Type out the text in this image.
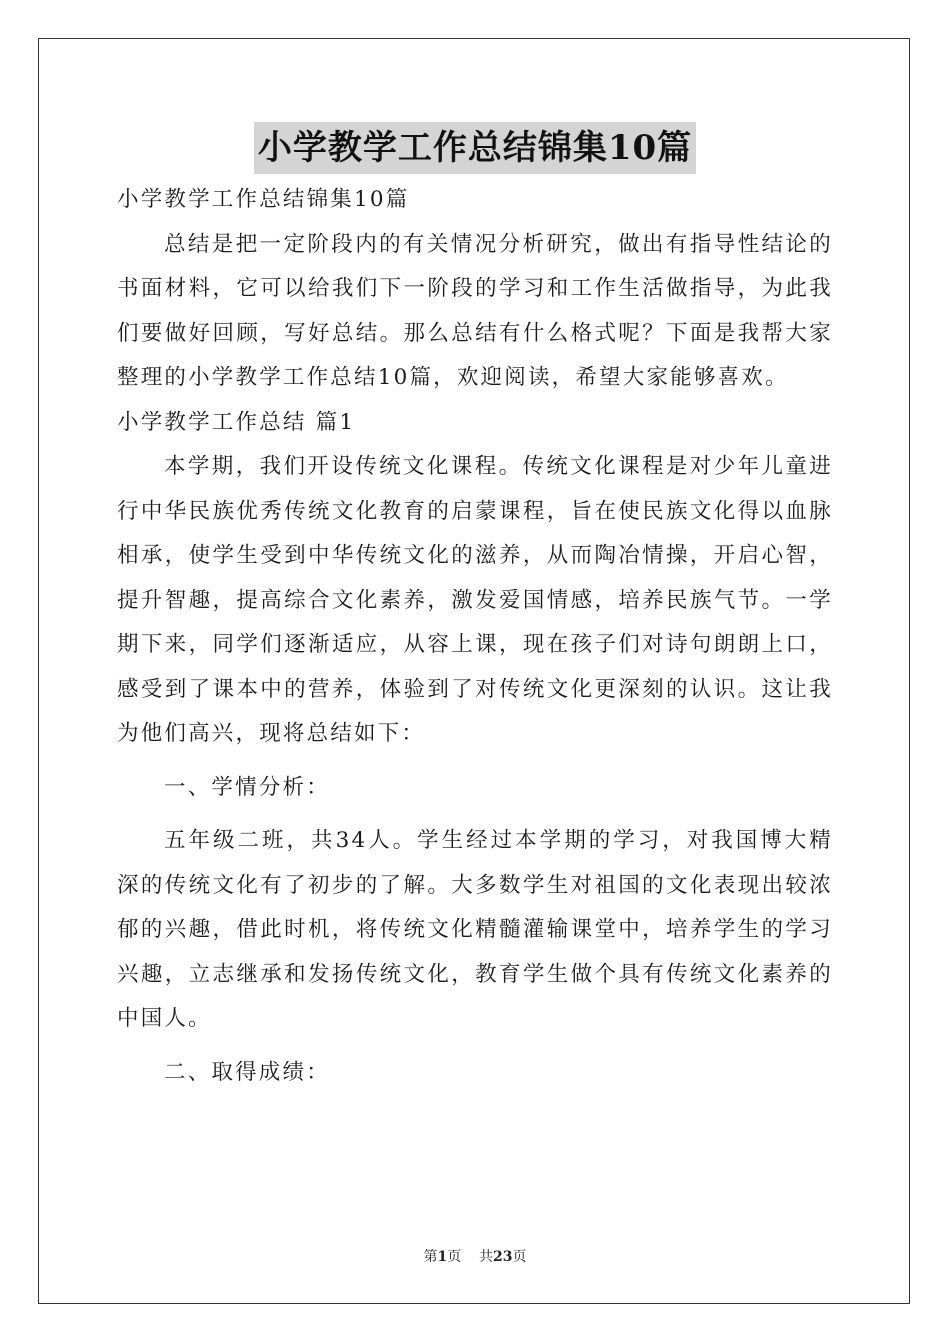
小学教学工作总结锦集10篇

小学教学工作总结锦集10篇

总结是把一定阶段内的有关情况分析研究，做出有指导性结论的书面材料，它可以给我们下一阶段的学习和工作生活做指导，为此我们要做好回顾，写好总结。那么总结有什么格式呢？下面是我帮大家整理的小学教学工作总结10篇，欢迎阅读，希望大家能够喜欢。

小学教学工作总结 篇1

本学期，我们开设传统文化课程。传统文化课程是对少年儿童进行中华民族优秀传统文化教育的启蒙课程，旨在使民族文化得以血脉相承，使学生受到中华传统文化的滋养，从而陶冶情操，开启心智，提升智趣，提高综合文化素养，激发爱国情感，培养民族气节。一学期下来，同学们逐渐适应，从容上课，现在孩子们对诗句朗朗上口，感受到了课本中的营养，体验到了对传统文化更深刻的认识。这让我为他们高兴，现将总结如下：

一、学情分析：

五年级二班，共34人。学生经过本学期的学习，对我国博大精深的传统文化有了初步的了解。大多数学生对祖国的文化表现出较浓郁的兴趣，借此时机，将传统文化精髓灌输课堂中，培养学生的学习兴趣，立志继承和发扬传统文化，教育学生做个具有传统文化素养的中国人。

二、取得成绩：

第1页    共23页
